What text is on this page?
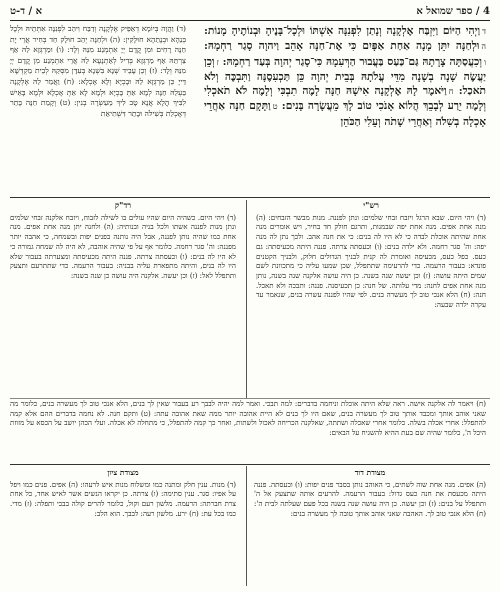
4 / ספר שמואל א
א / ד-ט
דוַיְהִי הַיּוֹם וַיִּזְבַּח אֶלְקָנָה וְנָתַן לִפְנִנָּה אִשְׁתּוֹ וּלְכָל־בָּנֶיהָ וּבְנוֹתֶיהָ מָנוֹת: הוּלְחַנָּה יִתֵּן מָנָה אַחַת אַפָּיִם כִּי אֶת־חַנָּה אָהֵב וַיהוָה סָגַר רַחְמָהּ: ווְכִעֲסַתָּה צָרָתָהּ גַּם־כַּעַס בַּעֲבוּר הַרְּעִמָהּ כִּי־סָגַר יְהוָה בְּעַד רַחְמָהּ: זוְכֵן יַעֲשֶׂה שָׁנָה בְשָׁנָה מִדֵּי עֲלֹתָהּ בְּבֵית יְהוָה כֵּן תַּכְעִסֶנָּה וַתִּבְכֶּה וְלֹא תֹאכַל: חוַיֹּאמֶר לָהּ אֶלְקָנָה אִישָׁהּ חַנָּה לָמֶה תִבְכִּי וְלָמֶה לֹא תֹאכְלִי וְלָמֶה יֵרַע לְבָבֵךְ הֲלוֹא אָנֹכִי טוֹב לָךְ מֵעֲשָׂרָה בָּנִים: טוַתָּקָם חַנָּה אַחֲרֵי אָכְלָה בְשִׁלֹה וְאַחֲרֵי שָׁתֹה וְעֵלִי הַכֹּהֵן
(ד) וַהֲוָה בְּיוֹמָא דְאַפֵּיק אֶלְקָנָה וְדַבַּח וִיהַב לִפְנִנָּה אִתְּתֵיהּ וּלְכָל בְּנַהָא וּבְנָתַהָא חוּלָקִין: (ה) וּלְחַנָּה יְהַב חוּלָק חַד בְּחִיר אֲרֵי יָת חַנָּה רָחִים וּמִן קֳדָם יְיָ אִתְמְנַע מִנַּהּ וְלָד: (ו) וּמַרְגְּזָא לַהּ אַף צַרְתַּהּ אַף מַרְגְּזָא בְּדִיל לְאַתְנָעָא לַהּ אֲרֵי אִתְמְנַע מִן קֳדָם יְיָ מִנַּהּ וְלָד: (ז) וְכֵן עָבֵיד שְׁנָא בִּשְׁנָא בְּעִדָּן מִסְּקַהּ לְבֵית מַקְדְּשָׁא דַּייָ כֵּן מַרְגְּזָא לַהּ וּבָכְיָא וְלָא אָכְלָא: (ח) וַאֲמַר לַהּ אֶלְקָנָה בַּעְלַהּ חַנָּה לְמָא אַתְּ בָּכְיָא וּלְמָא לָא אַתְּ אָכְלָא וּלְמָא בָּאֵישׁ לִבִּיךְ הֲלָא אֲנָא טָב לִיךְ מֵעַשְׂרָה בְנִין: (ט) וְקָמַת חַנָּה בָּתַר דְּאָכְלַת בְּשִׁילֹה וּבָתַר דִּשְׁתִיאַת
רש"י
(ד) ויהי היום. שבא הרגל ויזבח זבחי שלמים: ונתן לפננה. מנות מבשר הזבחים: (ה) מנה אחת אפים. מנה אחת יפה שבמנות, ותרגם חולק חד בחיר, ויש אומרים מנה אחת שהיתה אוכלת לבדה כי לא היו לה בנים: כי את חנה אהב. ולכך נתן לה מנה יפה: וה' סגר רחמה. ולא ילדה בנים: (ו) וכעסתה צרתה. פננה היתה מכעיסתה: גם כעס. כפל כעס, מכעיסה ואומרת לה קנית לבניך הגדולים חלוק, ולבניך הקטנים פונדא: בעבור הרעמה. כדי להרעימה שתתפלל, שכן שמעו עליה כי מתכוונת לשם שמים היתה עושה: (ז) וכן יעשה שנה בשנה. כן היה עושה אלקנה שנה בשנה, נותן מנה אחת אפים לחנה: מדי עלותה. של חנה: כן תכעיסנה. פננה: ותבכה ולא תאכל. חנה: (ח) הלא אנכי טוב לך מעשרה בנים. לפי שהיו לפננה עשרה בנים, שנאמר עד עקרה ילדה שבעה:
רד"ק
(ד) ויהי היום. כשהיה היום שהיו עולים בו לשילה לזבוח, ויזבח אלקנה זבחי שלמים ונתן מנות לפננה אשתו ולכל בניה ובנותיה: (ה) ולחנה יתן מנה אחת אפים. מנה אחת כמו שהיה נותן לפננה, אבל היה נותנה בפנים יפות ובשמחה, כי אהבה יותר מפננה: וה' סגר רחמה. כלומר אף על פי שהיה אוהבה, לא היה לה שמחה גמורה כי לא היו לה בנים: (ו) וכעסתה צרתה. פננה היתה מכעיסתה ומצערתה בעבור שלא היו לה בנים, והיתה מתפארת עליה בבניה: בעבור הרעמה. כדי שתתרעם ותצעק ותתפלל לאל: (ז) וכן יעשה. אלקנה היה עושה כן שנה בשנה:
(ח) ויאמר לה אלקנה אישה. ראה שלא היתה אוכלת וניחמה בדברים: למה תבכי. ואמר למה יהיה לבבך רע בעבור שאין לך בנים, הלא אנכי טוב לך מעשרה בנים, כלומר מה שאני אוהב אותך ומכבד אותך טוב לך מעשרה בנים, שאם היו לך בנים לא היית אהובה יותר ממה שאת אהובה עתה: (ט) ותקם חנה. לא נחמה בדברים ההם אלא קמה להתפלל: אחרי אכלה בשלה. כלומר אחרי שאכלה ושתתה, שאלקנה הכריחה לאכול ולשתות, ואחר כך קמה להתפלל, כי מתחלה לא אכלה. ועלי הכהן יושב על הכסא על מזוזת היכל ה', כלומר שהיה שם בעת ההיא להשגיח על הבאים:
מצודת דוד
(ה) אפים. מנה אחת שוה לשתים, כי האוהב נותן בסבר פנים יפות: (ו) וכעסתה. פננה היתה מכעסת את חנה כעס גדול: בעבור הרעמה. להרעים אותה שתצעק אל ה' ותתפלל על בנים: (ז) וכן יעשה. כן היה עושה שנה בשנה בכל פעם שעלתה לבית ה': (ח) הלא אנכי טוב לך. האהבה שאני אוהב אותך טובה לך מעשרה בנים:
מצודת ציון
(ד) מנות. ענין חלק ומתנה כמו ומשלוח מנות איש לרעהו: (ה) אפים. פנים כמו ויפל על אפיו: סגר. ענין סתימה: (ו) צרתה. כן יקראו הנשים אשר לאיש אחד, כל אחת צרת חברתה: הרעמה. מלשון רעם וקול, כלומר להרים קולה בבכי ותפלה: (ז) מדי. כמו בכל עת: (ח) ירע. מלשון רעה: לבבך. הוא הלב:
